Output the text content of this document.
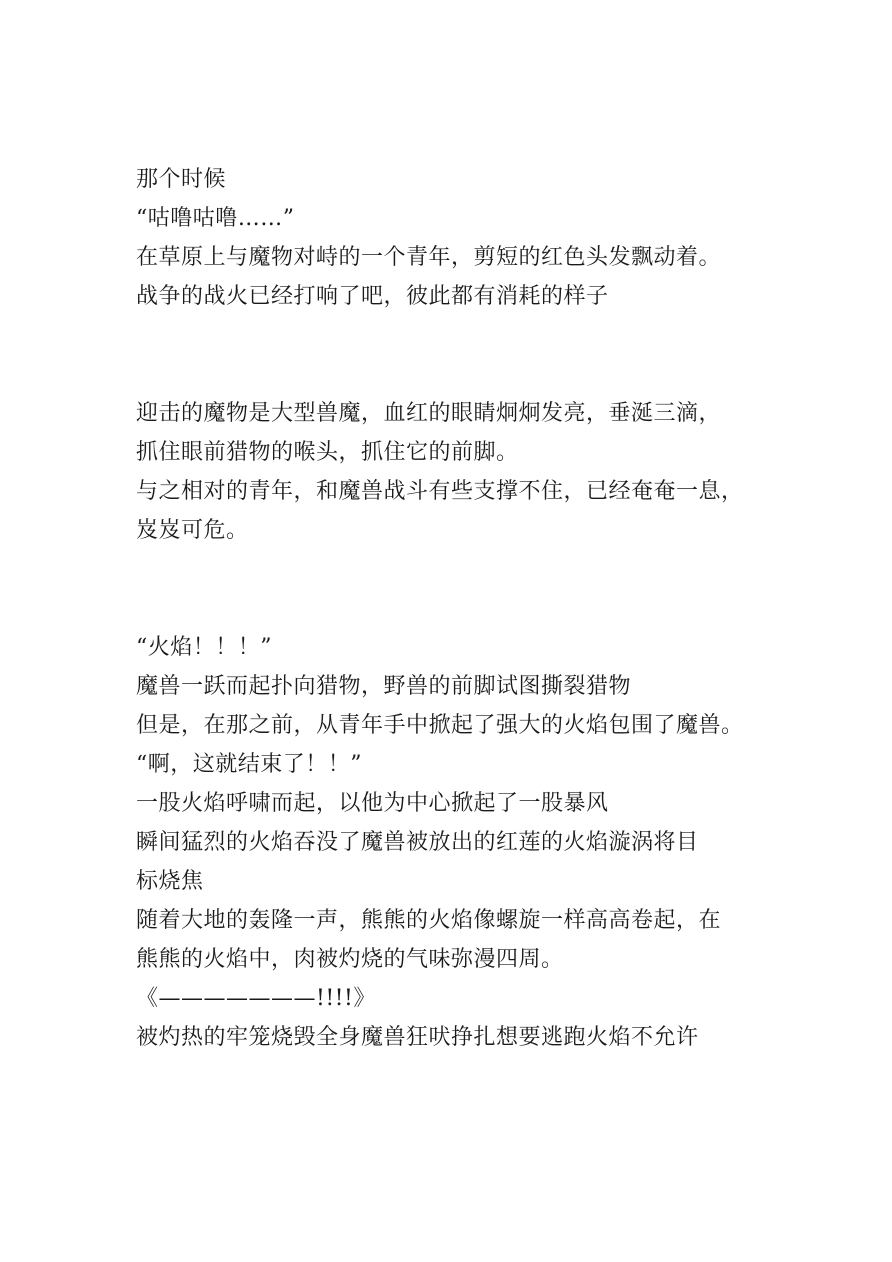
那个时候
“咕噜咕噜……”
在草原上与魔物对峙的一个青年，剪短的红色头发飘动着。
战争的战火已经打响了吧，彼此都有消耗的样子
迎击的魔物是大型兽魔，血红的眼睛炯炯发亮，垂涎三滴，
抓住眼前猎物的喉头，抓住它的前脚。
与之相对的青年，和魔兽战斗有些支撑不住，已经奄奄一息，
岌岌可危。
“火焰！！！”
魔兽一跃而起扑向猎物，野兽的前脚试图撕裂猎物
但是，在那之前，从青年手中掀起了强大的火焰包围了魔兽。
“啊，这就结束了！！”
一股火焰呼啸而起，以他为中心掀起了一股暴风
瞬间猛烈的火焰吞没了魔兽被放出的红莲的火焰漩涡将目
标烧焦
随着大地的轰隆一声，熊熊的火焰像螺旋一样高高卷起，在
熊熊的火焰中，肉被灼烧的气味弥漫四周。
《———————!!!!》
被灼热的牢笼烧毁全身魔兽狂吠挣扎想要逃跑火焰不允许
